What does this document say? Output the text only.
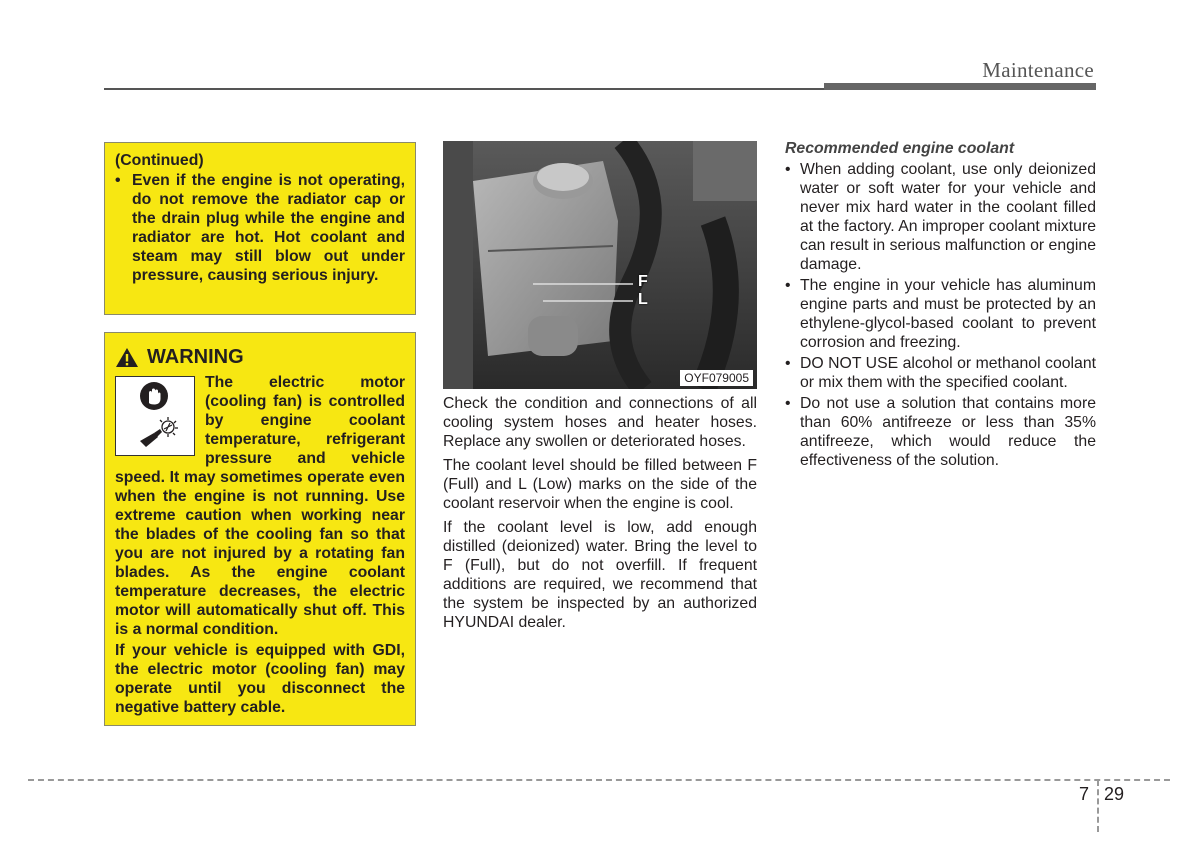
Maintenance
(Continued)
• Even if the engine is not operating, do not remove the radiator cap or the drain plug while the engine and radiator are hot. Hot coolant and steam may still blow out under pressure, causing serious injury.
WARNING
The electric motor (cooling fan) is controlled by engine coolant temperature, refrigerant pressure and vehicle speed. It may sometimes operate even when the engine is not running. Use extreme caution when working near the blades of the cooling fan so that you are not injured by a rotating fan blades. As the engine coolant temperature decreases, the electric motor will automatically shut off. This is a normal condition.
If your vehicle is equipped with GDI, the electric motor (cooling fan) may operate until you disconnect the negative battery cable.
F
L
OYF079005

Check the condition and connections of all cooling system hoses and heater hoses. Replace any swollen or deteriorated hoses.

The coolant level should be filled between F (Full) and L (Low) marks on the side of the coolant reservoir when the engine is cool.

If the coolant level is low, add enough distilled (deionized) water. Bring the level to F (Full), but do not overfill. If frequent additions are required, we recommend that the system be inspected by an authorized HYUNDAI dealer.

Recommended engine coolant
• When adding coolant, use only deionized water or soft water for your vehicle and never mix hard water in the coolant filled at the factory. An improper coolant mixture can result in serious malfunction or engine damage.
• The engine in your vehicle has aluminum engine parts and must be protected by an ethylene-glycol-based coolant to prevent corrosion and freezing.
• DO NOT USE alcohol or methanol coolant or mix them with the specified coolant.
• Do not use a solution that contains more than 60% antifreeze or less than 35% antifreeze, which would reduce the effectiveness of the solution.
7 29
